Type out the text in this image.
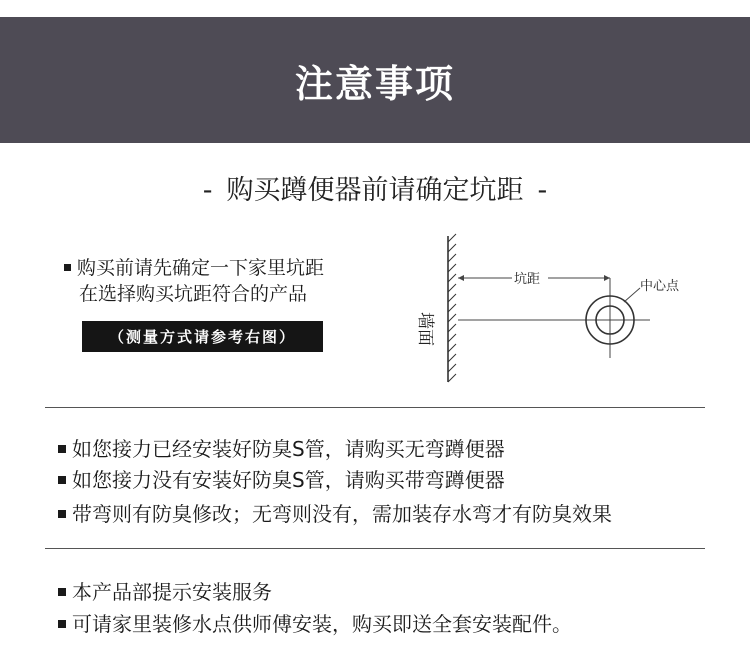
注意事项
- 购买蹲便器前请确定坑距 -
购买前请先确定一下家里坑距
在选择购买坑距符合的产品
（测量方式请参考右图）	墙面
坑距	中心点
如您接力已经安装好防臭S管，请购买无弯蹲便器
如您接力没有安装好防臭S管，请购买带弯蹲便器
带弯则有防臭修改；无弯则没有，需加装存水弯才有防臭效果
本产品部提示安装服务
可请家里装修水点供师傅安装，购买即送全套安装配件。
